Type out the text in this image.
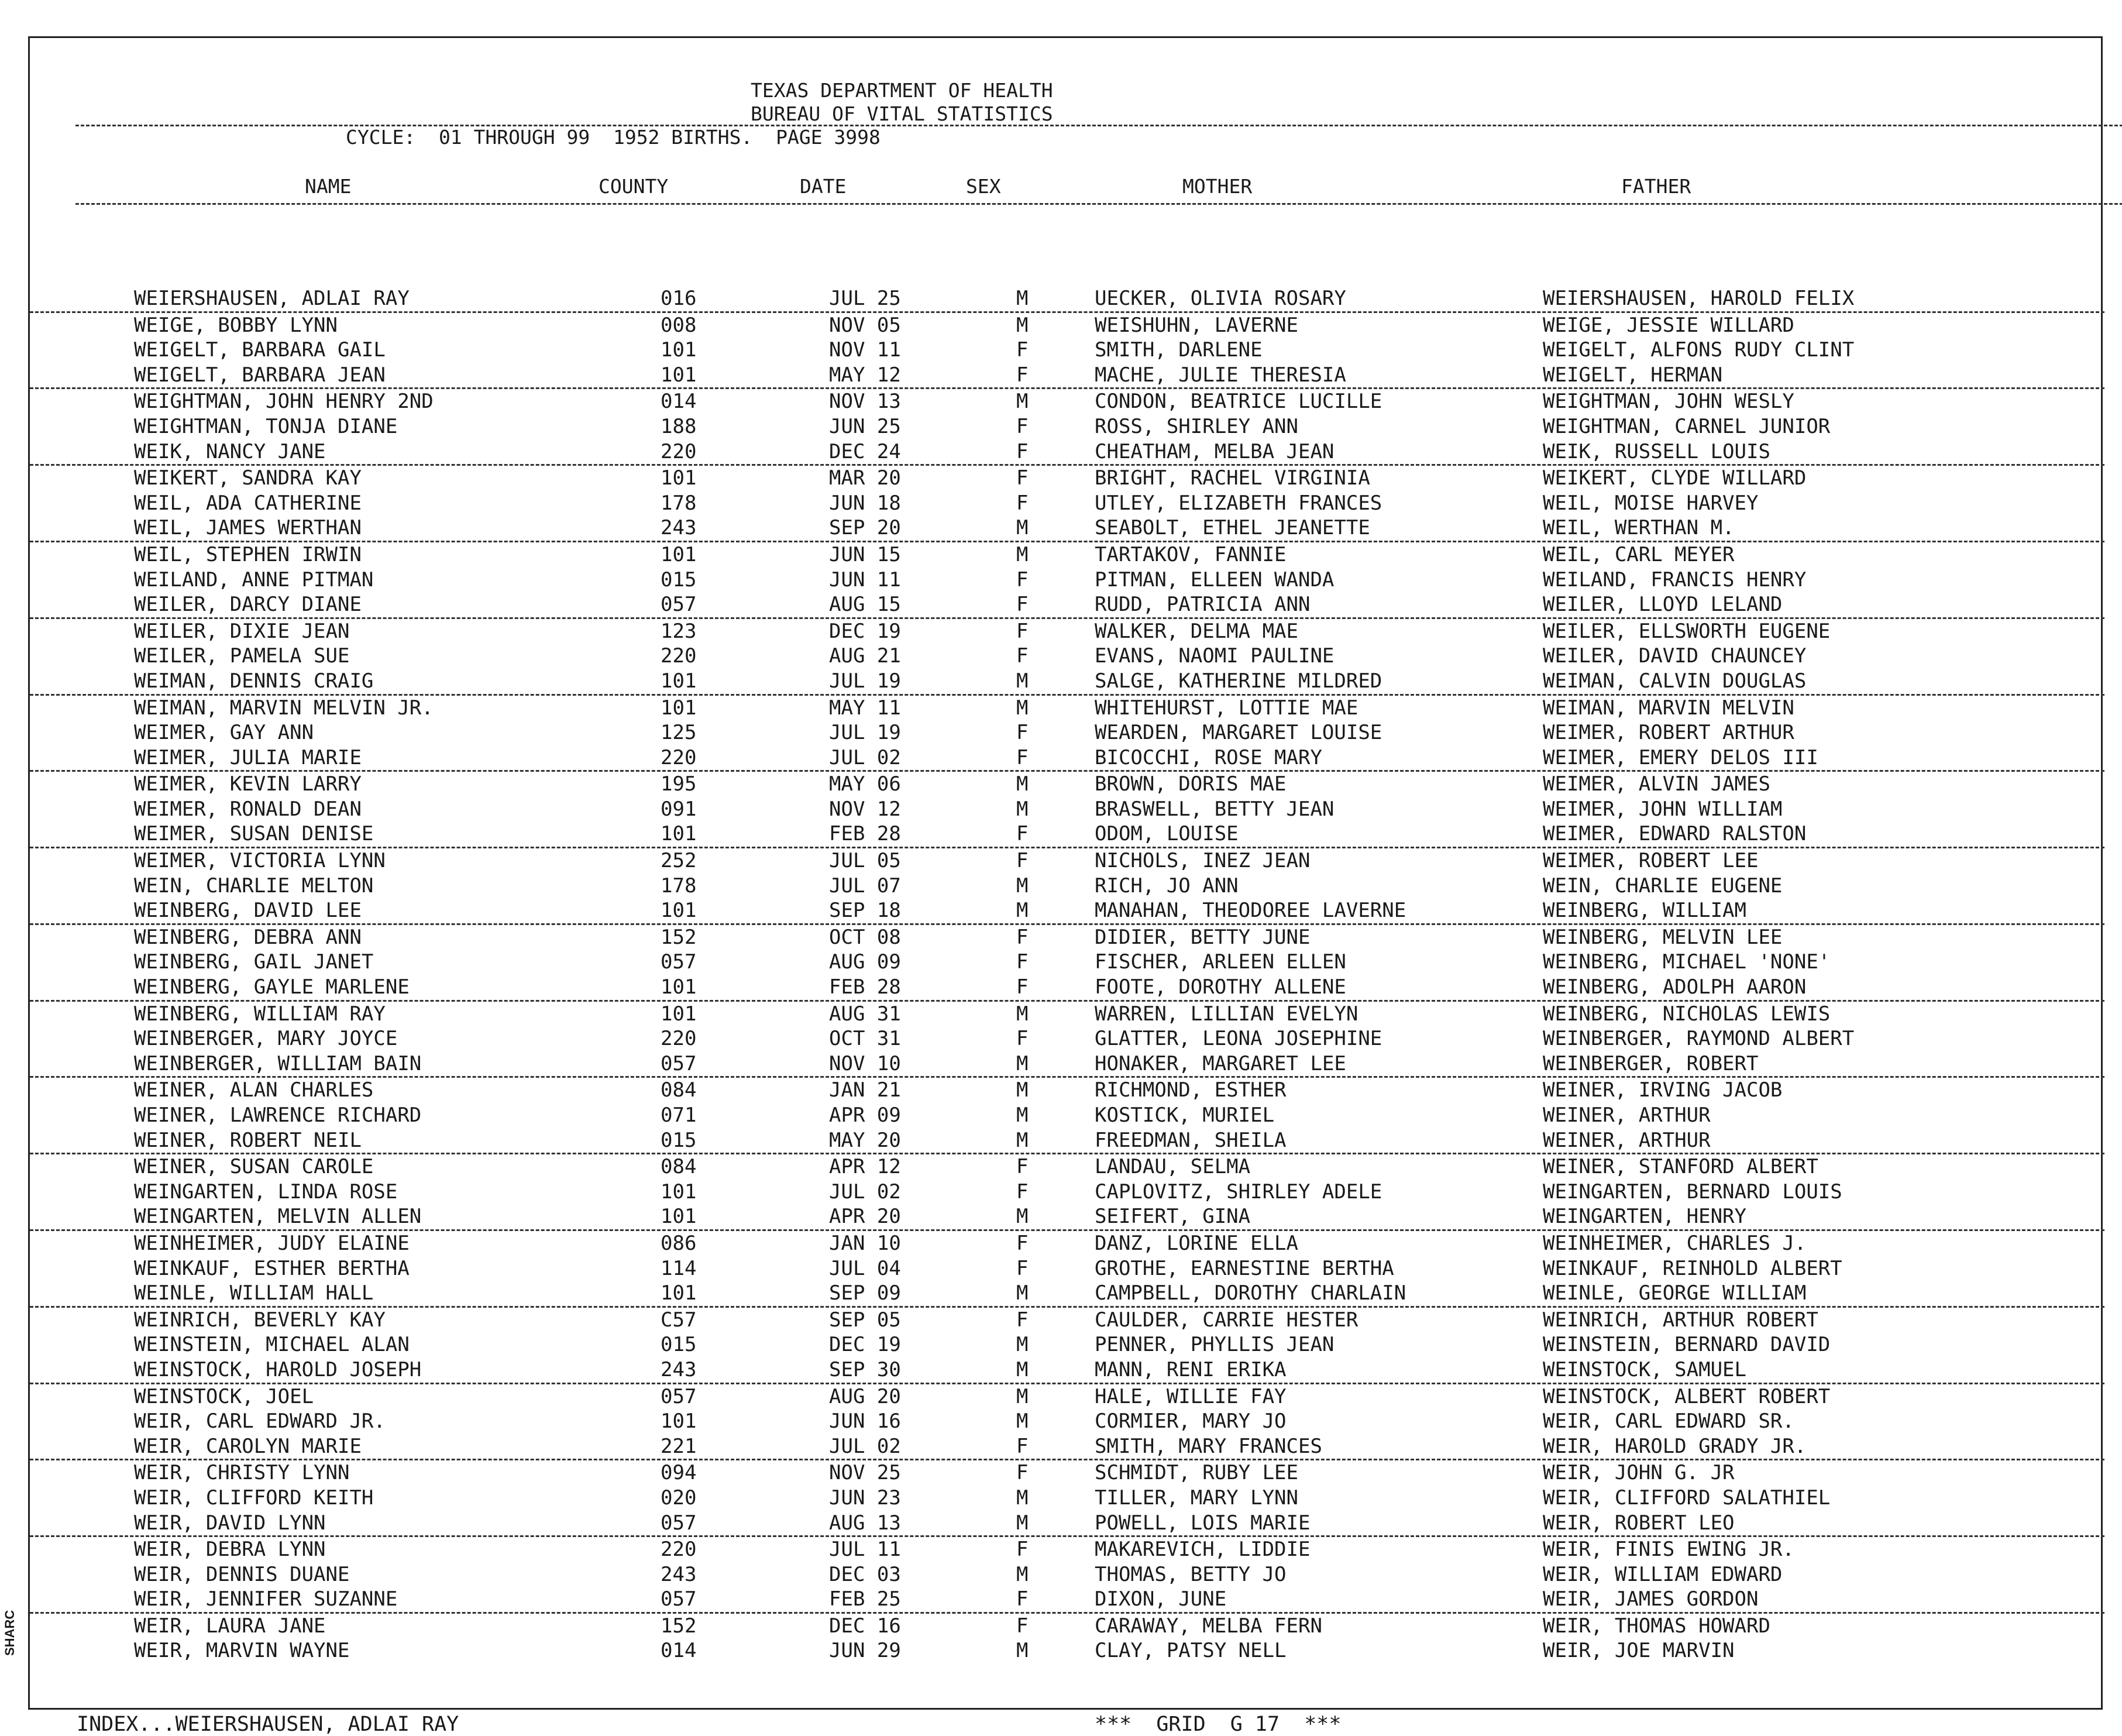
TEXAS DEPARTMENT OF HEALTH
BUREAU OF VITAL STATISTICS
CYCLE:  01 THROUGH 99  1952 BIRTHS.  PAGE 3998
NAME	COUNTY	DATE	SEX	MOTHER	FATHER
WEIERSHAUSEN, ADLAI RAY	016	JUL 25	M	UECKER, OLIVIA ROSARY	WEIERSHAUSEN, HAROLD FELIX
WEIGE, BOBBY LYNN	008	NOV 05	M	WEISHUHN, LAVERNE	WEIGE, JESSIE WILLARD
WEIGELT, BARBARA GAIL	101	NOV 11	F	SMITH, DARLENE	WEIGELT, ALFONS RUDY CLINT
WEIGELT, BARBARA JEAN	101	MAY 12	F	MACHE, JULIE THERESIA	WEIGELT, HERMAN
WEIGHTMAN, JOHN HENRY 2ND	014	NOV 13	M	CONDON, BEATRICE LUCILLE	WEIGHTMAN, JOHN WESLY
WEIGHTMAN, TONJA DIANE	188	JUN 25	F	ROSS, SHIRLEY ANN	WEIGHTMAN, CARNEL JUNIOR
WEIK, NANCY JANE	220	DEC 24	F	CHEATHAM, MELBA JEAN	WEIK, RUSSELL LOUIS
WEIKERT, SANDRA KAY	101	MAR 20	F	BRIGHT, RACHEL VIRGINIA	WEIKERT, CLYDE WILLARD
WEIL, ADA CATHERINE	178	JUN 18	F	UTLEY, ELIZABETH FRANCES	WEIL, MOISE HARVEY
WEIL, JAMES WERTHAN	243	SEP 20	M	SEABOLT, ETHEL JEANETTE	WEIL, WERTHAN M.
WEIL, STEPHEN IRWIN	101	JUN 15	M	TARTAKOV, FANNIE	WEIL, CARL MEYER
WEILAND, ANNE PITMAN	015	JUN 11	F	PITMAN, ELLEEN WANDA	WEILAND, FRANCIS HENRY
WEILER, DARCY DIANE	057	AUG 15	F	RUDD, PATRICIA ANN	WEILER, LLOYD LELAND
WEILER, DIXIE JEAN	123	DEC 19	F	WALKER, DELMA MAE	WEILER, ELLSWORTH EUGENE
WEILER, PAMELA SUE	220	AUG 21	F	EVANS, NAOMI PAULINE	WEILER, DAVID CHAUNCEY
WEIMAN, DENNIS CRAIG	101	JUL 19	M	SALGE, KATHERINE MILDRED	WEIMAN, CALVIN DOUGLAS
WEIMAN, MARVIN MELVIN JR.	101	MAY 11	M	WHITEHURST, LOTTIE MAE	WEIMAN, MARVIN MELVIN
WEIMER, GAY ANN	125	JUL 19	F	WEARDEN, MARGARET LOUISE	WEIMER, ROBERT ARTHUR
WEIMER, JULIA MARIE	220	JUL 02	F	BICOCCHI, ROSE MARY	WEIMER, EMERY DELOS III
WEIMER, KEVIN LARRY	195	MAY 06	M	BROWN, DORIS MAE	WEIMER, ALVIN JAMES
WEIMER, RONALD DEAN	091	NOV 12	M	BRASWELL, BETTY JEAN	WEIMER, JOHN WILLIAM
WEIMER, SUSAN DENISE	101	FEB 28	F	ODOM, LOUISE	WEIMER, EDWARD RALSTON
WEIMER, VICTORIA LYNN	252	JUL 05	F	NICHOLS, INEZ JEAN	WEIMER, ROBERT LEE
WEIN, CHARLIE MELTON	178	JUL 07	M	RICH, JO ANN	WEIN, CHARLIE EUGENE
WEINBERG, DAVID LEE	101	SEP 18	M	MANAHAN, THEODOREE LAVERNE	WEINBERG, WILLIAM
WEINBERG, DEBRA ANN	152	OCT 08	F	DIDIER, BETTY JUNE	WEINBERG, MELVIN LEE
WEINBERG, GAIL JANET	057	AUG 09	F	FISCHER, ARLEEN ELLEN	WEINBERG, MICHAEL 'NONE'
WEINBERG, GAYLE MARLENE	101	FEB 28	F	FOOTE, DOROTHY ALLENE	WEINBERG, ADOLPH AARON
WEINBERG, WILLIAM RAY	101	AUG 31	M	WARREN, LILLIAN EVELYN	WEINBERG, NICHOLAS LEWIS
WEINBERGER, MARY JOYCE	220	OCT 31	F	GLATTER, LEONA JOSEPHINE	WEINBERGER, RAYMOND ALBERT
WEINBERGER, WILLIAM BAIN	057	NOV 10	M	HONAKER, MARGARET LEE	WEINBERGER, ROBERT
WEINER, ALAN CHARLES	084	JAN 21	M	RICHMOND, ESTHER	WEINER, IRVING JACOB
WEINER, LAWRENCE RICHARD	071	APR 09	M	KOSTICK, MURIEL	WEINER, ARTHUR
WEINER, ROBERT NEIL	015	MAY 20	M	FREEDMAN, SHEILA	WEINER, ARTHUR
WEINER, SUSAN CAROLE	084	APR 12	F	LANDAU, SELMA	WEINER, STANFORD ALBERT
WEINGARTEN, LINDA ROSE	101	JUL 02	F	CAPLOVITZ, SHIRLEY ADELE	WEINGARTEN, BERNARD LOUIS
WEINGARTEN, MELVIN ALLEN	101	APR 20	M	SEIFERT, GINA	WEINGARTEN, HENRY
WEINHEIMER, JUDY ELAINE	086	JAN 10	F	DANZ, LORINE ELLA	WEINHEIMER, CHARLES J.
WEINKAUF, ESTHER BERTHA	114	JUL 04	F	GROTHE, EARNESTINE BERTHA	WEINKAUF, REINHOLD ALBERT
WEINLE, WILLIAM HALL	101	SEP 09	M	CAMPBELL, DOROTHY CHARLAIN	WEINLE, GEORGE WILLIAM
WEINRICH, BEVERLY KAY	C57	SEP 05	F	CAULDER, CARRIE HESTER	WEINRICH, ARTHUR ROBERT
WEINSTEIN, MICHAEL ALAN	015	DEC 19	M	PENNER, PHYLLIS JEAN	WEINSTEIN, BERNARD DAVID
WEINSTOCK, HAROLD JOSEPH	243	SEP 30	M	MANN, RENI ERIKA	WEINSTOCK, SAMUEL
WEINSTOCK, JOEL	057	AUG 20	M	HALE, WILLIE FAY	WEINSTOCK, ALBERT ROBERT
WEIR, CARL EDWARD JR.	101	JUN 16	M	CORMIER, MARY JO	WEIR, CARL EDWARD SR.
WEIR, CAROLYN MARIE	221	JUL 02	F	SMITH, MARY FRANCES	WEIR, HAROLD GRADY JR.
WEIR, CHRISTY LYNN	094	NOV 25	F	SCHMIDT, RUBY LEE	WEIR, JOHN G. JR
WEIR, CLIFFORD KEITH	020	JUN 23	M	TILLER, MARY LYNN	WEIR, CLIFFORD SALATHIEL
WEIR, DAVID LYNN	057	AUG 13	M	POWELL, LOIS MARIE	WEIR, ROBERT LEO
WEIR, DEBRA LYNN	220	JUL 11	F	MAKAREVICH, LIDDIE	WEIR, FINIS EWING JR.
WEIR, DENNIS DUANE	243	DEC 03	M	THOMAS, BETTY JO	WEIR, WILLIAM EDWARD
WEIR, JENNIFER SUZANNE	057	FEB 25	F	DIXON, JUNE	WEIR, JAMES GORDON
WEIR, LAURA JANE	152	DEC 16	F	CARAWAY, MELBA FERN	WEIR, THOMAS HOWARD
WEIR, MARVIN WAYNE	014	JUN 29	M	CLAY, PATSY NELL	WEIR, JOE MARVIN
INDEX...WEIERSHAUSEN, ADLAI RAY	***  GRID  G 17  ***
SHARC
